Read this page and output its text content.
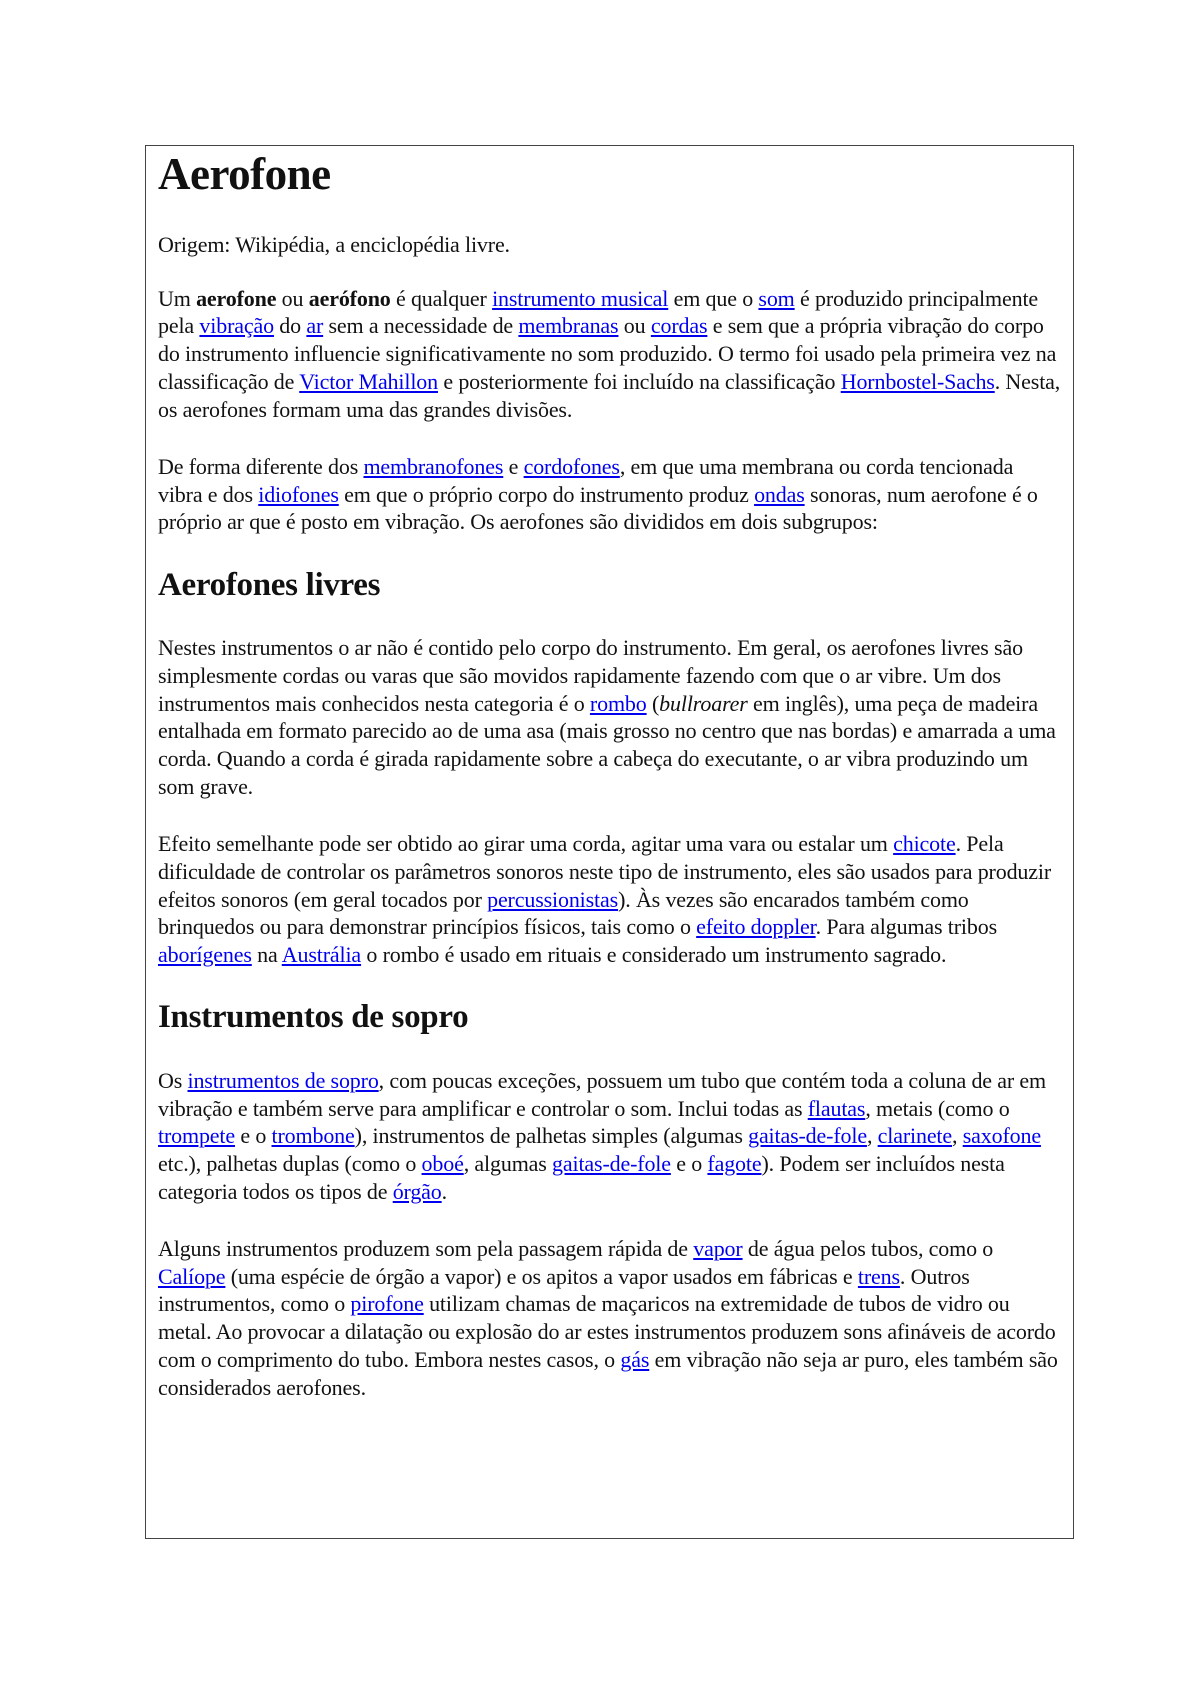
Aerofone

Origem: Wikipédia, a enciclopédia livre.

Um aerofone ou aerófono é qualquer instrumento musical em que o som é produzido principalmente pela vibração do ar sem a necessidade de membranas ou cordas e sem que a própria vibração do corpo do instrumento influencie significativamente no som produzido. O termo foi usado pela primeira vez na classificação de Victor Mahillon e posteriormente foi incluído na classificação Hornbostel-Sachs. Nesta, os aerofones formam uma das grandes divisões.

De forma diferente dos membranofones e cordofones, em que uma membrana ou corda tencionada vibra e dos idiofones em que o próprio corpo do instrumento produz ondas sonoras, num aerofone é o próprio ar que é posto em vibração. Os aerofones são divididos em dois subgrupos:

Aerofones livres

Nestes instrumentos o ar não é contido pelo corpo do instrumento. Em geral, os aerofones livres são simplesmente cordas ou varas que são movidos rapidamente fazendo com que o ar vibre. Um dos instrumentos mais conhecidos nesta categoria é o rombo (bullroarer em inglês), uma peça de madeira entalhada em formato parecido ao de uma asa (mais grosso no centro que nas bordas) e amarrada a uma corda. Quando a corda é girada rapidamente sobre a cabeça do executante, o ar vibra produzindo um som grave.

Efeito semelhante pode ser obtido ao girar uma corda, agitar uma vara ou estalar um chicote. Pela dificuldade de controlar os parâmetros sonoros neste tipo de instrumento, eles são usados para produzir efeitos sonoros (em geral tocados por percussionistas). Às vezes são encarados também como brinquedos ou para demonstrar princípios físicos, tais como o efeito doppler. Para algumas tribos aborígenes na Austrália o rombo é usado em rituais e considerado um instrumento sagrado.

Instrumentos de sopro

Os instrumentos de sopro, com poucas exceções, possuem um tubo que contém toda a coluna de ar em vibração e também serve para amplificar e controlar o som. Inclui todas as flautas, metais (como o trompete e o trombone), instrumentos de palhetas simples (algumas gaitas-de-fole, clarinete, saxofone etc.), palhetas duplas (como o oboé, algumas gaitas-de-fole e o fagote). Podem ser incluídos nesta categoria todos os tipos de órgão.

Alguns instrumentos produzem som pela passagem rápida de vapor de água pelos tubos, como o Calíope (uma espécie de órgão a vapor) e os apitos a vapor usados em fábricas e trens. Outros instrumentos, como o pirofone utilizam chamas de maçaricos na extremidade de tubos de vidro ou metal. Ao provocar a dilatação ou explosão do ar estes instrumentos produzem sons afináveis de acordo com o comprimento do tubo. Embora nestes casos, o gás em vibração não seja ar puro, eles também são considerados aerofones.
